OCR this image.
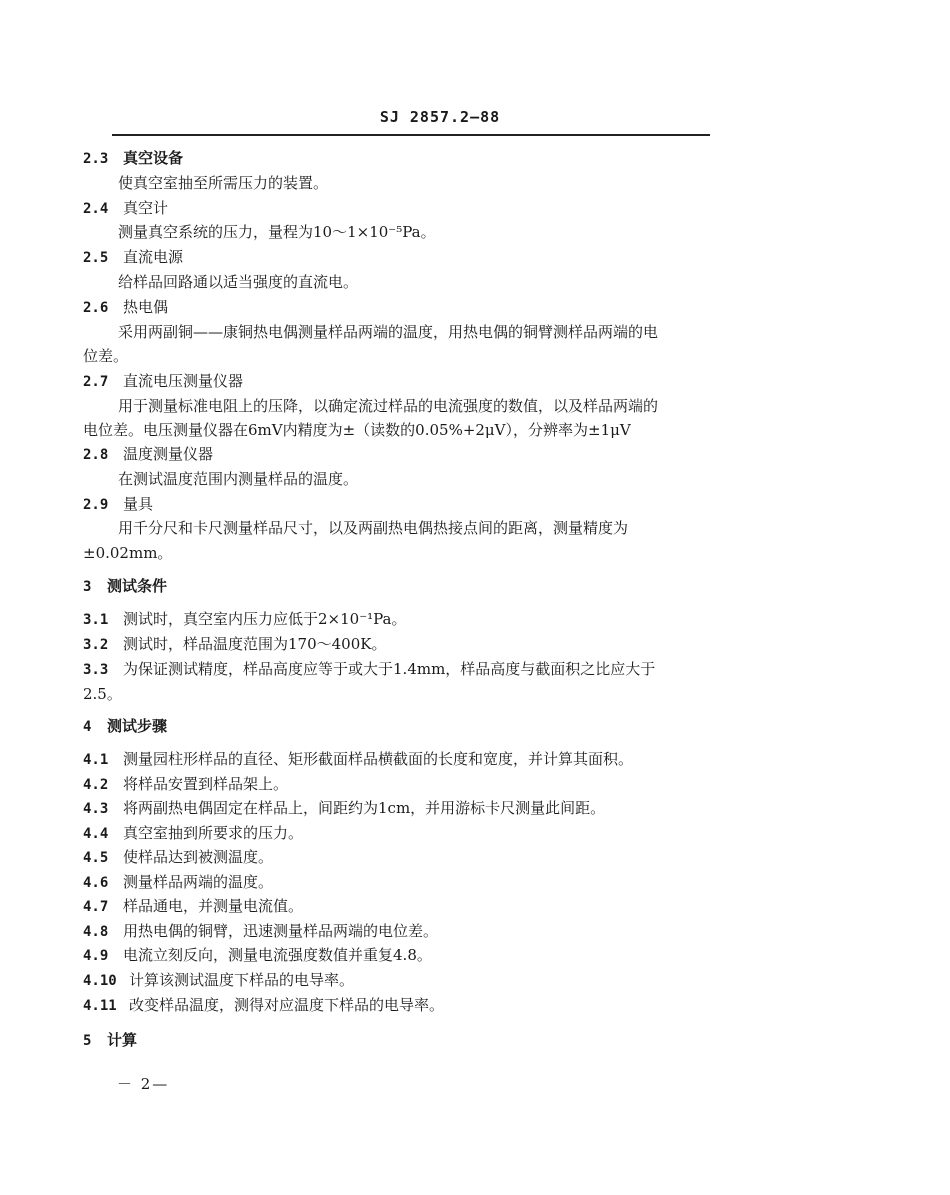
SJ 2857.2—88
2.3 真空设备
使真空室抽至所需压力的装置。
2.4 真空计
测量真空系统的压力，量程为10～1×10⁻⁵Pa。
2.5 直流电源
给样品回路通以适当强度的直流电。
2.6 热电偶
采用两副铜——康铜热电偶测量样品两端的温度，用热电偶的铜臂测样品两端的电
位差。
2.7 直流电压测量仪器
用于测量标准电阻上的压降，以确定流过样品的电流强度的数值，以及样品两端的
电位差。电压测量仪器在6mV内精度为±（读数的0.05%+2μV），分辨率为±1μV
2.8 温度测量仪器
在测试温度范围内测量样品的温度。
2.9 量具
用千分尺和卡尺测量样品尺寸，以及两副热电偶热接点间的距离，测量精度为
±0.02mm。
3 测试条件
3.1 测试时，真空室内压力应低于2×10⁻¹Pa。
3.2 测试时，样品温度范围为170～400K。
3.3 为保证测试精度，样品高度应等于或大于1.4mm，样品高度与截面积之比应大于
2.5。
4 测试步骤
4.1 测量园柱形样品的直径、矩形截面样品横截面的长度和宽度，并计算其面积。
4.2 将样品安置到样品架上。
4.3 将两副热电偶固定在样品上，间距约为1cm，并用游标卡尺测量此间距。
4.4 真空室抽到所要求的压力。
4.5 使样品达到被测温度。
4.6 测量样品两端的温度。
4.7 样品通电，并测量电流值。
4.8 用热电偶的铜臂，迅速测量样品两端的电位差。
4.9 电流立刻反向，测量电流强度数值并重复4.8。
4.10 计算该测试温度下样品的电导率。
4.11 改变样品温度，测得对应温度下样品的电导率。
5 计算
－ 2—
